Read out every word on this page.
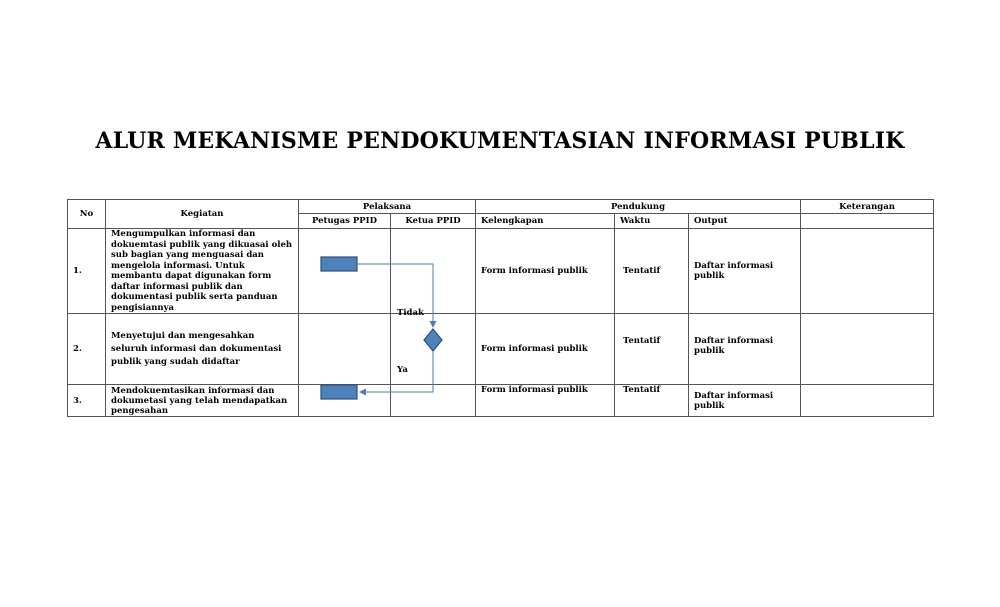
ALUR MEKANISME PENDOKUMENTASIAN INFORMASI PUBLIK
No	Kegiatan	Pelaksana		Pendukung			Keterangan
		Petugas PPID	Ketua PPID	Kelengkapan	Waktu	Output	
1.	Mengumpulkan informasi dan dokuemtasi publik yang dikuasai oleh sub bagian yang menguasai dan mengelola informasi. Untuk membantu dapat digunakan form daftar informasi publik dan dokumentasi publik serta panduan pengisiannya			Form informasi publik	Tentatif	Daftar informasi publik	
2.	Menyetujui dan mengesahkan seluruh informasi dan dokumentasi publik yang sudah didaftar			Form informasi publik	Tentatif	Daftar informasi publik	
3.	Mendokuemtasikan informasi dan dokumetasi yang telah mendapatkan pengesahan			Form informasi publik	Tentatif	Daftar informasi publik	
Tidak
Ya
